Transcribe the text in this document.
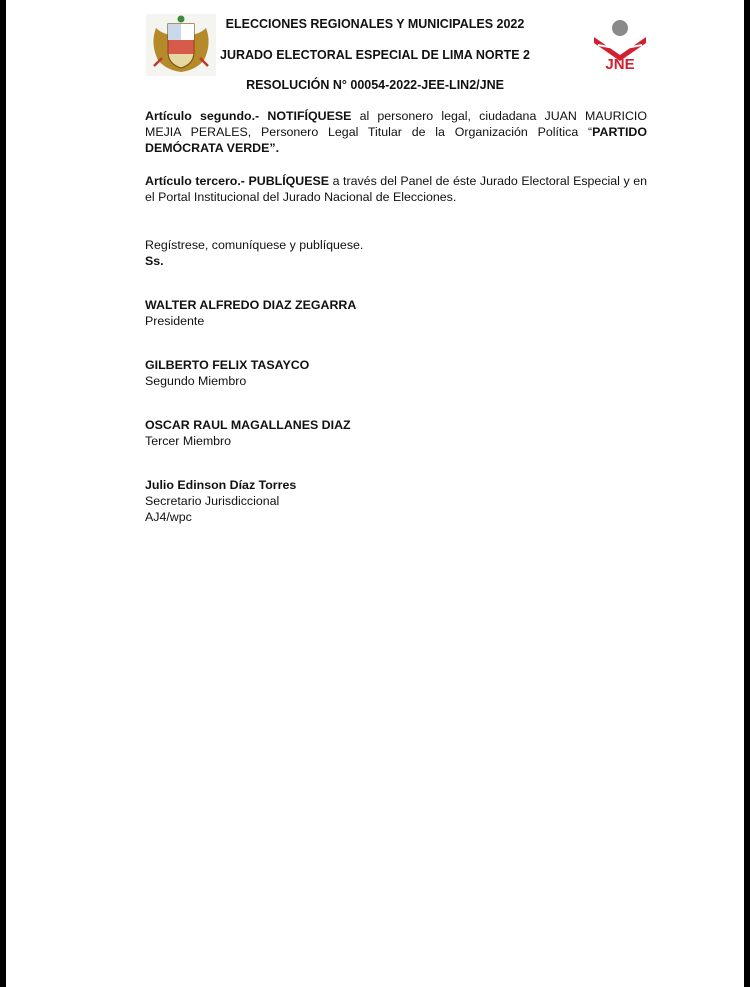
ELECCIONES REGIONALES Y MUNICIPALES 2022
JURADO ELECTORAL ESPECIAL DE LIMA NORTE 2
RESOLUCIÓN N° 00054-2022-JEE-LIN2/JNE
JNE
Artículo segundo.- NOTIFÍQUESE al personero legal, ciudadana JUAN MAURICIO MEJIA PERALES, Personero Legal Titular de la Organización Política “PARTIDO DEMÓCRATA VERDE”.
Artículo tercero.- PUBLÍQUESE a través del Panel de éste Jurado Electoral Especial y en el Portal Institucional del Jurado Nacional de Elecciones.
Regístrese, comuníquese y publíquese.
Ss.
WALTER ALFREDO DIAZ ZEGARRA
Presidente
GILBERTO FELIX TASAYCO
Segundo Miembro
OSCAR RAUL MAGALLANES DIAZ
Tercer Miembro
Julio Edinson Díaz Torres
Secretario Jurisdiccional
AJ4/wpc
